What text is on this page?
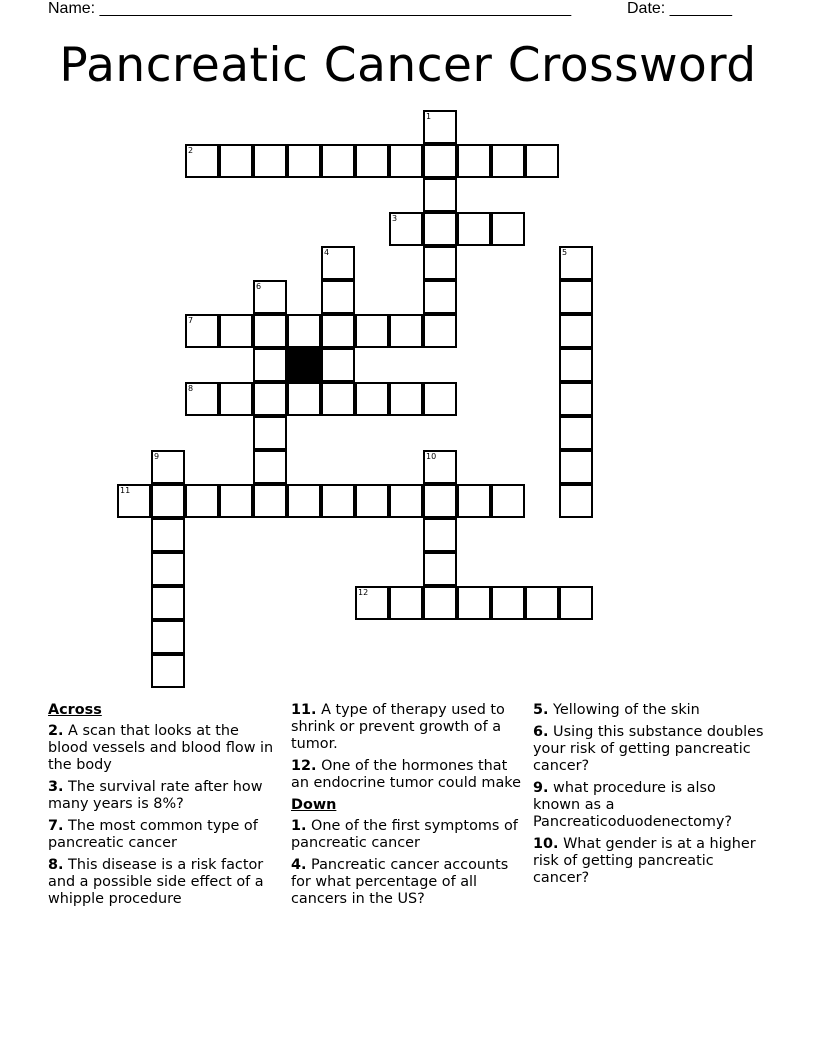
Name: _____________________________________________________	Date: _______
Pancreatic Cancer Crossword
1
2
3
4	5
6
7
8
9	10
11
12
Across
2. A scan that looks at the blood vessels and blood flow in the body
3. The survival rate after how many years is 8%?
7. The most common type of pancreatic cancer
8. This disease is a risk factor and a possible side effect of a whipple procedure
11. A type of therapy used to shrink or prevent growth of a tumor.
12. One of the hormones that an endocrine tumor could make
Down
1. One of the first symptoms of pancreatic cancer
4. Pancreatic cancer accounts for what percentage of all cancers in the US?
5. Yellowing of the skin
6. Using this substance doubles your risk of getting pancreatic cancer?
9. what procedure is also known as a Pancreaticoduodenectomy?
10. What gender is at a higher risk of getting pancreatic cancer?
